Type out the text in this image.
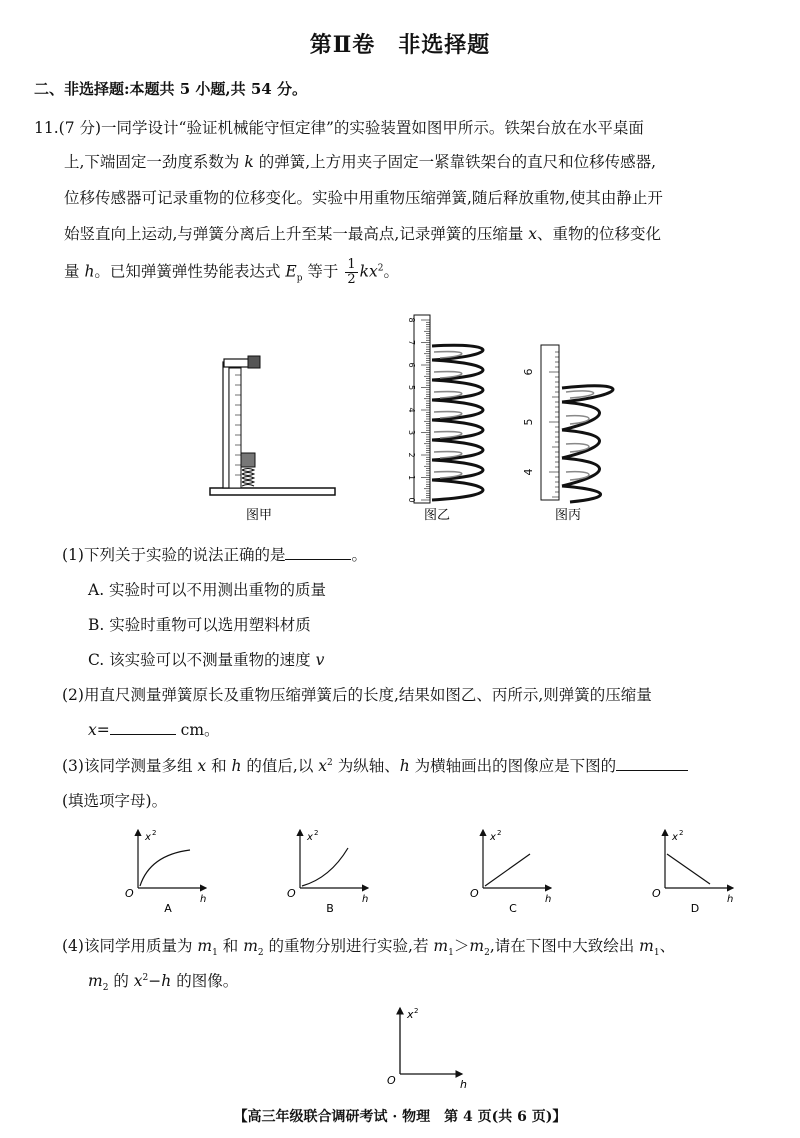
第Ⅱ卷　非选择题
二、非选择题:本题共 5 小题,共 54 分。
11.(7 分)一同学设计“验证机械能守恒定律”的实验装置如图甲所示。铁架台放在水平桌面
上,下端固定一劲度系数为 k 的弹簧,上方用夹子固定一紧靠铁架台的直尺和位移传感器,
位移传感器可记录重物的位移变化。实验中用重物压缩弹簧,随后释放重物,使其由静止开
始竖直向上运动,与弹簧分离后上升至某一最高点,记录弹簧的压缩量 x、重物的位移变化
量 h。已知弹簧弹性势能表达式 $E_p$ 等于 $\frac{1}{2} kx^2$。
图甲
8
7
6
5
4
3
2
1
0
图乙
6
5
4
图丙
(1)下列关于实验的说法正确的是	。
A. 实验时可以不用测出重物的质量
B. 实验时重物可以选用塑料材质
C. 该实验可以不测量重物的速度 v
(2)用直尺测量弹簧原长及重物压缩弹簧后的长度,结果如图乙、丙所示,则弹簧的压缩量
x=	cm。
(3)该同学测量多组 x 和 h 的值后,以 $x^2$ 为纵轴、h 为横轴画出的图像应是下图的
(填选项字母)。
x 2
O	h
A
x 2
O	h
B
x 2
O	h
C
x 2
O	h
D
(4)该同学用质量为 $m_1$ 和 $m_2$ 的重物分别进行实验,若 $m_1>m_2$,请在下图中大致绘出 $m_1$、
$m_2$ 的 $x^2-h$ 的图像。
x 2
O	h
【高三年级联合调研考试 · 物理　第 4 页(共 6 页)】
